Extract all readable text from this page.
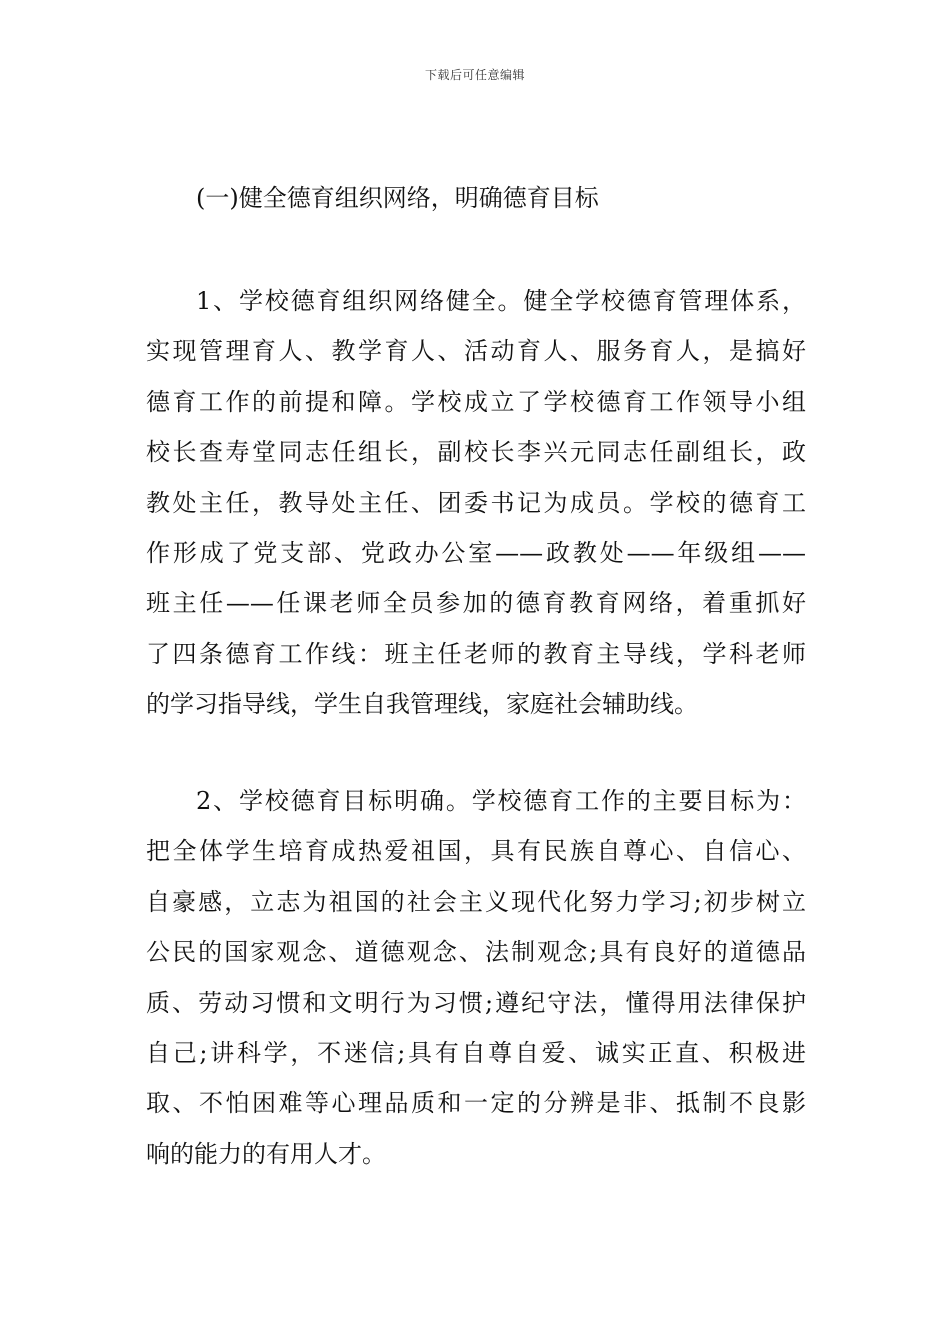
下载后可任意编辑
(一)健全德育组织网络，明确德育目标
1、学校德育组织网络健全。健全学校德育管理体系，
实现管理育人、教学育人、活动育人、服务育人，是搞好
德育工作的前提和障。学校成立了学校德育工作领导小组
校长查寿堂同志任组长，副校长李兴元同志任副组长，政
教处主任，教导处主任、团委书记为成员。学校的德育工
作形成了党支部、党政办公室——政教处——年级组——
班主任——任课老师全员参加的德育教育网络，着重抓好
了四条德育工作线：班主任老师的教育主导线，学科老师
的学习指导线，学生自我管理线，家庭社会辅助线。
2、学校德育目标明确。学校德育工作的主要目标为：
把全体学生培育成热爱祖国，具有民族自尊心、自信心、
自豪感，立志为祖国的社会主义现代化努力学习;初步树立
公民的国家观念、道德观念、法制观念;具有良好的道德品
质、劳动习惯和文明行为习惯;遵纪守法，懂得用法律保护
自己;讲科学，不迷信;具有自尊自爱、诚实正直、积极进
取、不怕困难等心理品质和一定的分辨是非、抵制不良影
响的能力的有用人才。
